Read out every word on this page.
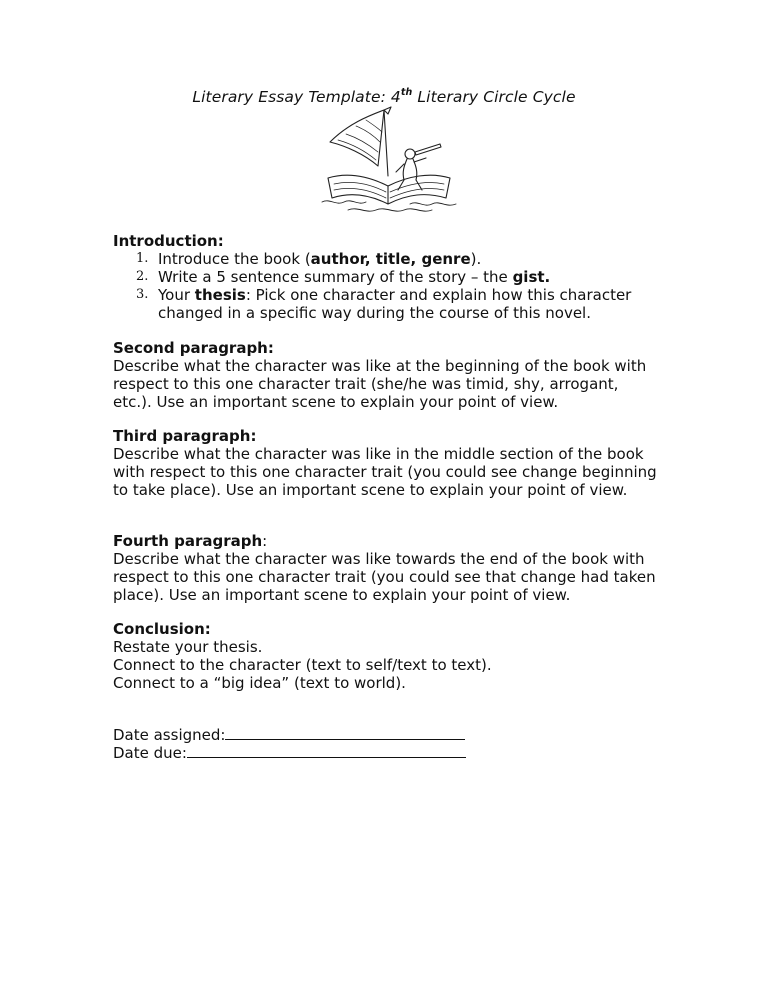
Literary Essay Template: 4th Literary Circle Cycle
Introduction:
1. Introduce the book (author, title, genre).
2. Write a 5 sentence summary of the story – the gist.
3. Your thesis: Pick one character and explain how this character changed in a specific way during the course of this novel.
Second paragraph:
Describe what the character was like at the beginning of the book with respect to this one character trait (she/he was timid, shy, arrogant, etc.). Use an important scene to explain your point of view.
Third paragraph:
Describe what the character was like in the middle section of the book with respect to this one character trait (you could see change beginning to take place). Use an important scene to explain your point of view.
Fourth paragraph:
Describe what the character was like towards the end of the book with respect to this one character trait (you could see that change had taken place). Use an important scene to explain your point of view.
Conclusion:
Restate your thesis.
Connect to the character (text to self/text to text).
Connect to a “big idea” (text to world).
Date assigned:
Date due:
